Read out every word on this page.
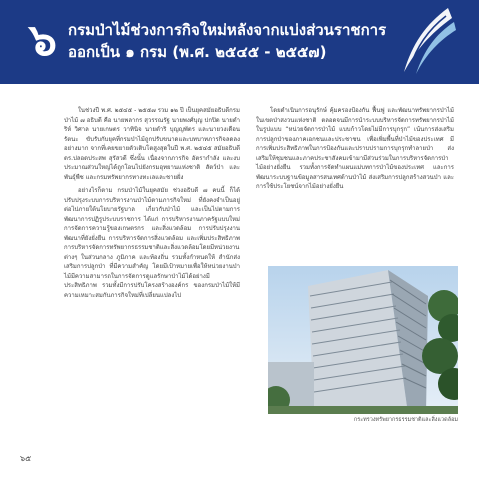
๖ กรมป่าไม้ช่วงการกิจใหม่หลังจากแบ่งส่วนราชการ
ออกเป็น ๑ กรม (พ.ศ. ๒๕๔๕ - ๒๕๕๗)

ในช่วงปี พ.ศ. ๒๕๔๕ - ๒๕๕๗ รวม ๑๒ ปี เป็นยุคสมัยอธิบดีกรมป่าไม้ ๗ อธิบดี คือ นายพลากร สุวรรณรัฐ นายพงศ์บุญ ปกปิด นายดำริห์ วิศาล นายเกษตร วาทินิจ นายดำริ บุญญพัตร และนายวงเดือน รัตนะ ขับรับกับยุคที่กรมป่าไม้ถูกปรับขนาดและบทบาทภารกิจลดลงอย่างมาก จากที่เคยขยายตัวเติบโตสูงสุดในปี พ.ศ. ๒๕๔๕ สมัยอธิบดี ดร.ปลอดประสพ สุรัสวดี ซึ่งนั้น เนื่องจากภารกิจ อัตรากำลัง และงบประมาณส่วนใหญ่ได้ถูกโอนไปยังกรมอุทยานแห่งชาติ สัตว์ป่า และพันธุ์พืช และกรมทรัพยากรทางทะเลและชายฝั่ง

อย่างไรก็ตาม กรมป่าไม้ในยุคสมัย ช่วงอธิบดี ๗ คนนี้ ก็ได้ปรับปรุงระบบการบริหารงานป่าไม้ตามภารกิจใหม่ ที่ยังคงจำเป็นอยู่ ต่อไปภายใต้นโยบายรัฐบาล เกี่ยวกับป่าไม้ และเป็นไปตามการพัฒนาการปฏิรูประบบราชการ ได้แก่ การบริหารงานภาครัฐแบบใหม่ การจัดการความรู้ของเกษตรกร และสิ่งแวดล้อม การปรับปรุงงานพัฒนาที่ยังยั่งยืน การบริหารจัดการสิ่งแวดล้อม และเพิ่มประสิทธิภาพ การบริหารจัดการทรัพยากรธรรมชาติและสิ่งแวดล้อมโดยมีหน่วยงานต่างๆ ในส่วนกลาง ภูมิภาค และท้องถิ่น รวมทั้งกำหนดให้ สำนักส่งเสริมการปลูกป่า ที่มีความสำคัญ โดยมีเป้าหมายเพื่อให้หน่วยงานป่าไม้มีความสามารถในการจัดการดูแลรักษาป่าไม้ได้อย่างมีประสิทธิภาพ รวมทั้งมีการปรับโครงสร้างองค์กร ของกรมป่าไม้ให้มีความเหมาะสมกับภารกิจใหม่ที่เปลี่ยนแปลงไป

โดยดำเนินการอนุรักษ์ คุ้มครองป้องกัน ฟื้นฟู และพัฒนาทรัพยากรป่าไม้ในเขตป่าสงวนแห่งชาติ ตลอดจนมีการนำระบบบริหารจัดการทรัพยากรป่าไม้ในรูปแบบ “หน่วยจัดการป่าไม้ แบบก้าวโดยไม่มีการบุกรุก” เน้นการส่งเสริมการปลูกป่าของภาคเอกชนและประชาชน เพื่อเพิ่มพื้นที่ป่าไม้ของประเทศ มีการเพิ่มประสิทธิภาพในการป้องกันและปราบปรามการบุกรุกทำลายป่า ส่งเสริมให้ชุมชนและภาคประชาสังคมเข้ามามีส่วนร่วมในการบริหารจัดการป่าไม้อย่างยั่งยืน รวมทั้งการจัดทำแผนแม่บทการป่าไม้ของประเทศ และการพัฒนาระบบฐานข้อมูลสารสนเทศด้านป่าไม้ ส่งเสริมการปลูกสร้างสวนป่า และการใช้ประโยชน์จากไม้อย่างยั่งยืน

กระทรวงทรัพยากรธรรมชาติและสิ่งแวดล้อม
๖๕
